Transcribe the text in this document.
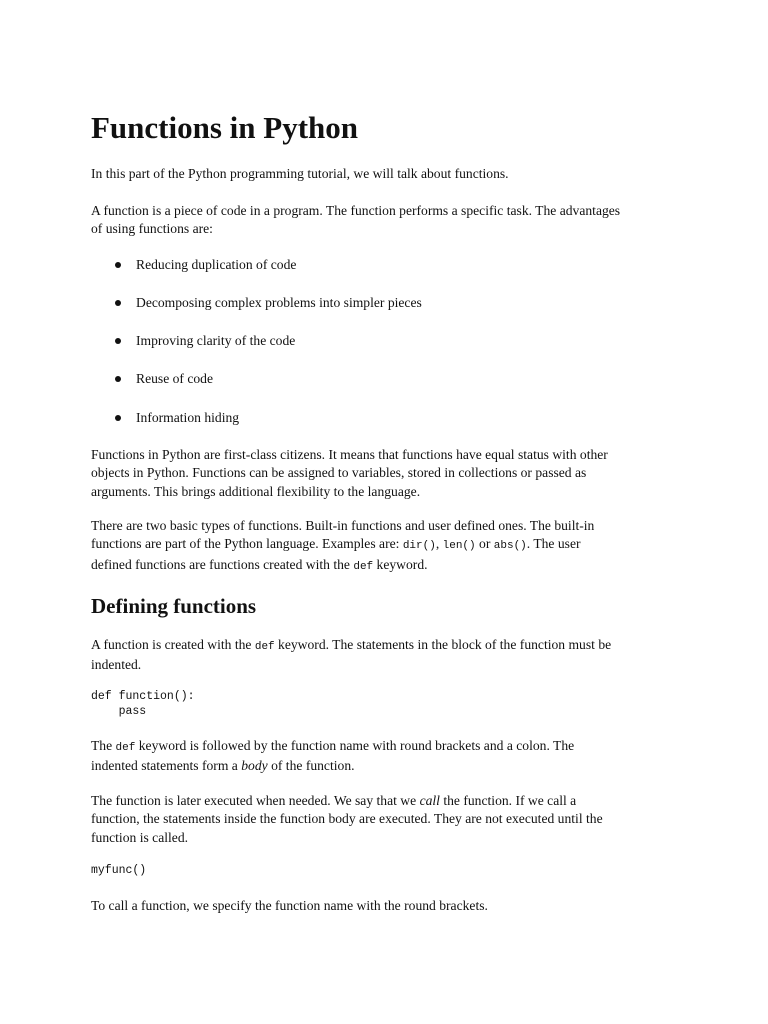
Functions in Python

In this part of the Python programming tutorial, we will talk about functions.

A function is a piece of code in a program. The function performs a specific task. The advantages
of using functions are:

Reducing duplication of code
Decomposing complex problems into simpler pieces
Improving clarity of the code
Reuse of code
Information hiding

Functions in Python are first-class citizens. It means that functions have equal status with other
objects in Python. Functions can be assigned to variables, stored in collections or passed as
arguments. This brings additional flexibility to the language.

There are two basic types of functions. Built-in functions and user defined ones. The built-in
functions are part of the Python language. Examples are: dir(), len() or abs(). The user
defined functions are functions created with the def keyword.

Defining functions

A function is created with the def keyword. The statements in the block of the function must be
indented.

def function():
pass

The def keyword is followed by the function name with round brackets and a colon. The
indented statements form a body of the function.

The function is later executed when needed. We say that we call the function. If we call a
function, the statements inside the function body are executed. They are not executed until the
function is called.

myfunc()

To call a function, we specify the function name with the round brackets.
